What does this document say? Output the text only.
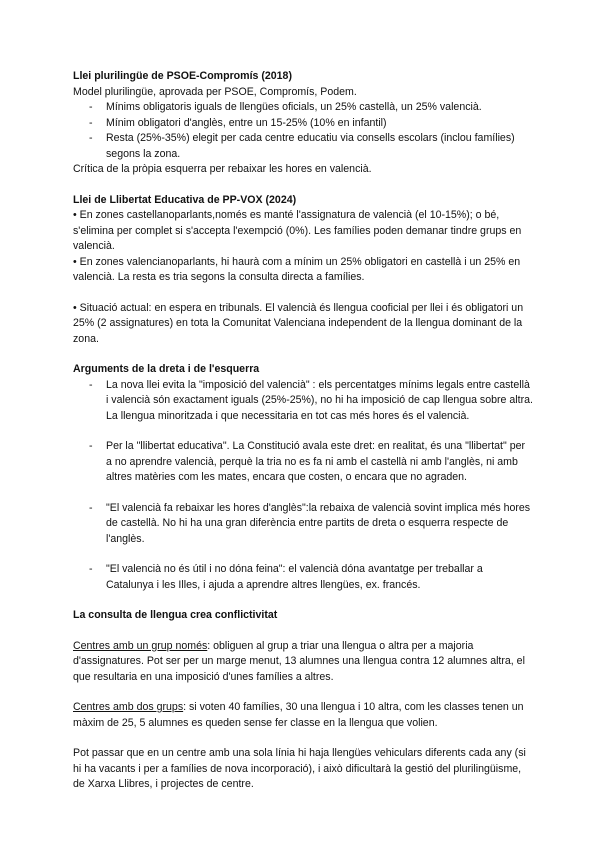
Llei plurilingüe de PSOE-Compromís (2018)

Model plurilingüe, aprovada per PSOE, Compromís, Podem.

- Mínims obligatoris iguals de llengües oficials, un 25% castellà, un 25% valencià.
- Mínim obligatori d'anglès, entre un 15-25% (10% en infantil)
- Resta (25%-35%) elegit per cada centre educatiu via consells escolars (inclou famílies) segons la zona.

Crítica de la pròpia esquerra per rebaixar les hores en valencià.

Llei de Llibertat Educativa de PP-VOX (2024)

• En zones castellanoparlants,només es manté l'assignatura de valencià (el 10-15%); o bé, s'elimina per complet si s'accepta l'exempció (0%). Les famílies poden demanar tindre grups en valencià.

• En zones valencianoparlants, hi haurà com a mínim un 25% obligatori en castellà i un 25% en valencià. La resta es tria segons la consulta directa a famílies.

• Situació actual: en espera en tribunals. El valencià és llengua cooficial per llei i és obligatori un 25% (2 assignatures) en tota la Comunitat Valenciana independent de la llengua dominant de la zona.

Arguments de la dreta i de l'esquerra

- La nova llei evita la "imposició del valencià" : els percentatges mínims legals entre castellà i valencià són exactament iguals (25%-25%), no hi ha imposició de cap llengua sobre altra. La llengua minoritzada i que necessitaria en tot cas més hores és el valencià.
- Per la "llibertat educativa". La Constitució avala este dret: en realitat, és una "llibertat" per a no aprendre valencià, perquè la tria no es fa ni amb el castellà ni amb l'anglès, ni amb altres matèries com les mates, encara que costen, o encara que no agraden.
- "El valencià fa rebaixar les hores d'anglès":la rebaixa de valencià sovint implica més hores de castellà. No hi ha una gran diferència entre partits de dreta o esquerra respecte de l'anglès.
- "El valencià no és útil i no dóna feina": el valencià dóna avantatge per treballar a Catalunya i les Illes, i ajuda a aprendre altres llengües, ex. francés.

La consulta de llengua crea conflictivitat

Centres amb un grup només: obliguen al grup a triar una llengua o altra per a majoria d'assignatures. Pot ser per un marge menut, 13 alumnes una llengua contra 12 alumnes altra, el que resultaria en una imposició d'unes famílies a altres.

Centres amb dos grups: si voten 40 famílies, 30 una llengua i 10 altra, com les classes tenen un màxim de 25, 5 alumnes es queden sense fer classe en la llengua que volien.

Pot passar que en un centre amb una sola línia hi haja llengües vehiculars diferents cada any (si hi ha vacants i per a famílies de nova incorporació), i això dificultarà la gestió del plurilingüisme, de Xarxa Llibres, i projectes de centre.
